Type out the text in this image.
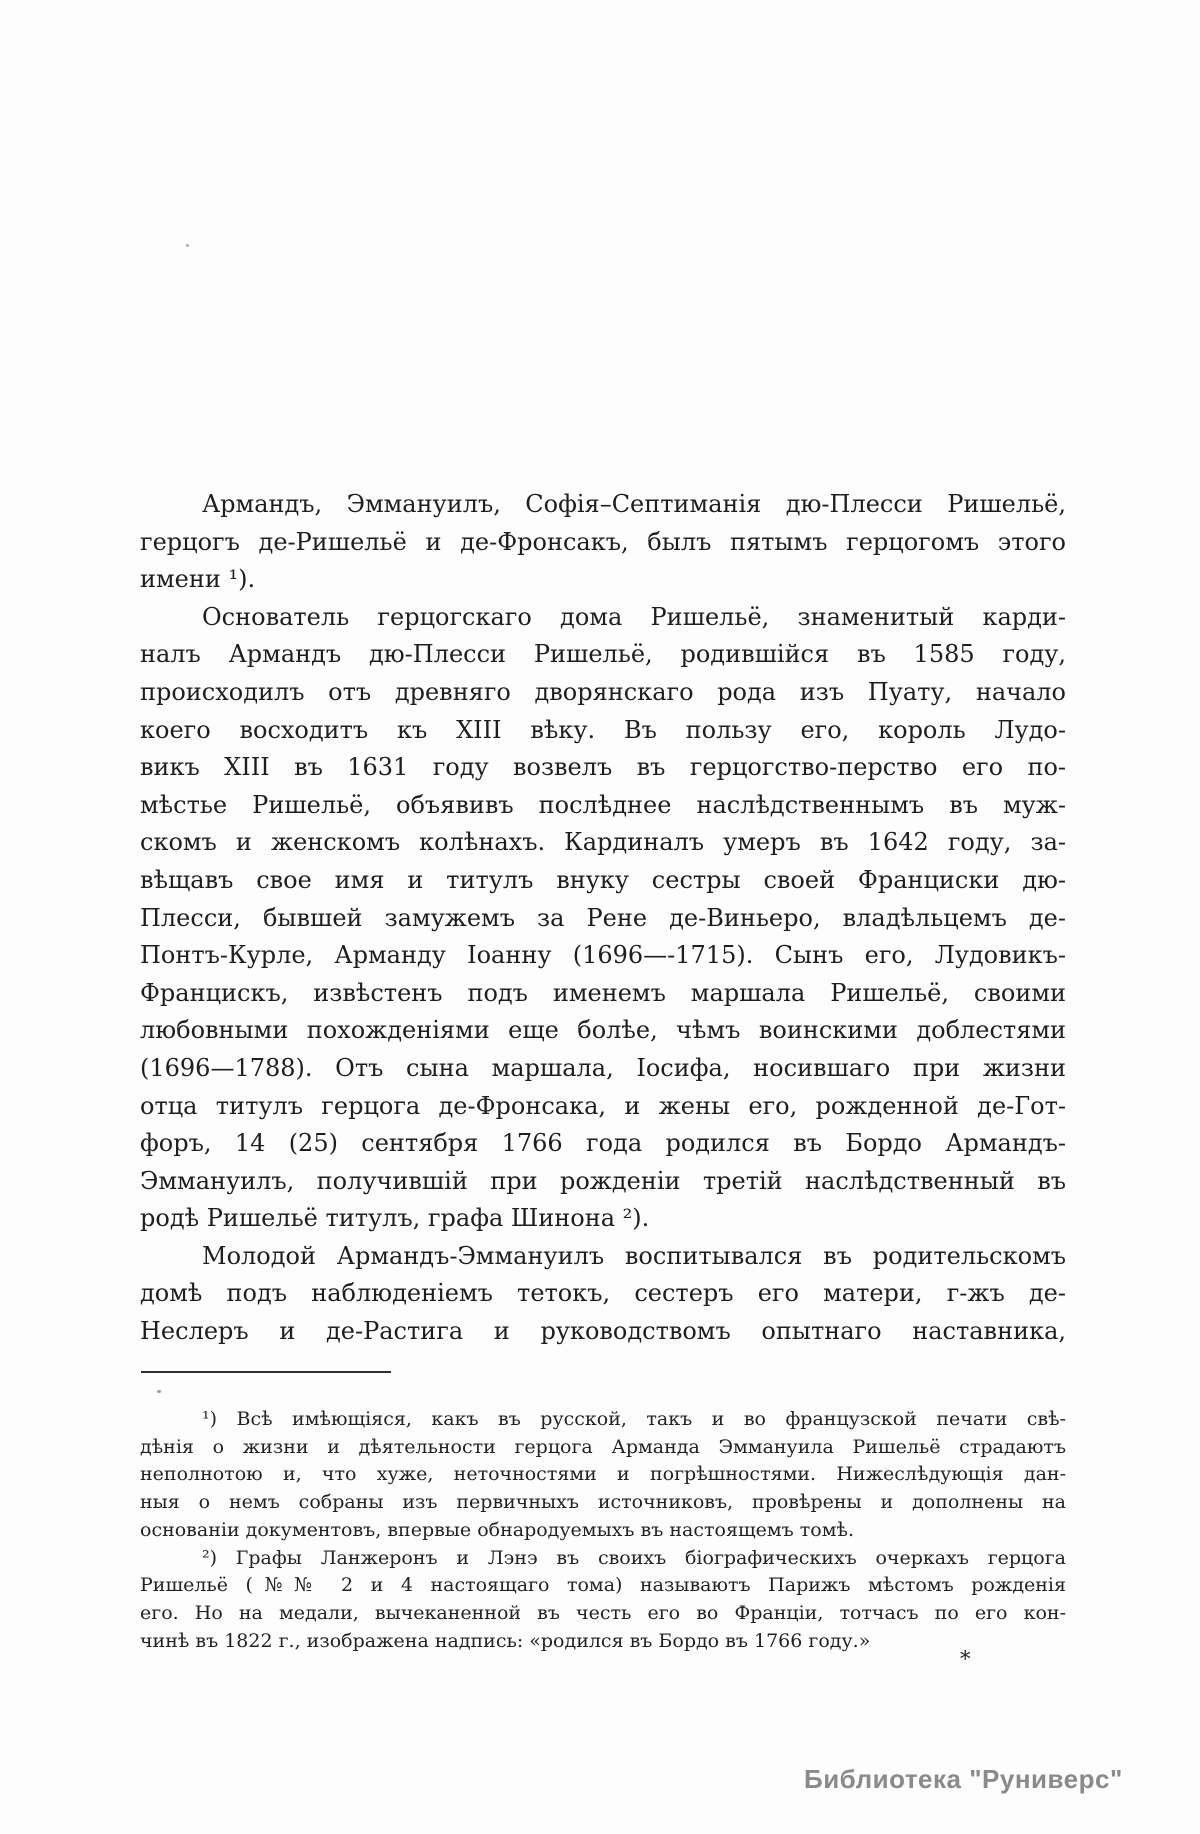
Армандъ, Эммануилъ, Софія–Септиманія дю-Плесси Ришельё,
герцогъ де-Ришельё и де-Фронсакъ, былъ пятымъ герцогомъ этого
имени ¹).
Основатель герцогскаго дома Ришельё, знаменитый карди-
налъ Армандъ дю-Плесси Ришельё, родившійся въ 1585 году,
происходилъ отъ древняго дворянскаго рода изъ Пуату, начало
коего восходитъ къ XIII вѣку. Въ пользу его, король Лудо-
викъ XIII въ 1631 году возвелъ въ герцогство-перство его по-
мѣстье Ришельё, объявивъ послѣднее наслѣдственнымъ въ муж-
скомъ и женскомъ колѣнахъ. Кардиналъ умеръ въ 1642 году, за-
вѣщавъ свое имя и титулъ внуку сестры своей Франциски дю-
Плесси, бывшей замужемъ за Рене де-Виньеро, владѣльцемъ де-
Понтъ-Курле, Арманду Іоанну (1696—-1715). Сынъ его, Лудовикъ-
Францискъ, извѣстенъ подъ именемъ маршала Ришельё, своими
любовными похожденіями еще болѣе, чѣмъ воинскими доблестями
(1696—1788). Отъ сына маршала, Іосифа, носившаго при жизни
отца титулъ герцога де-Фронсака, и жены его, рожденной де-Гот-
форъ, 14 (25) сентября 1766 года родился въ Бордо Армандъ-
Эммануилъ, получившій при рожденіи третій наслѣдственный въ
родѣ Ришельё титулъ, графа Шинона ²).
Молодой Армандъ-Эммануилъ воспитывался въ родительскомъ
домѣ подъ наблюденіемъ тетокъ, сестеръ его матери, г-жъ де-
Неслеръ и де-Растига и руководствомъ опытнаго наставника,
¹) Всѣ имѣющіяся, какъ въ русской, такъ и во французской печати свѣ-
дѣнія о жизни и дѣятельности герцога Арманда Эммануила Ришельё страдаютъ
неполнотою и, что хуже, неточностями и погрѣшностями. Нижеслѣдующія дан-
ныя о немъ собраны изъ первичныхъ источниковъ, провѣрены и дополнены на
основаніи документовъ, впервые обнародуемыхъ въ настоящемъ томѣ.
²) Графы Ланжеронъ и Лэнэ въ своихъ біографическихъ очеркахъ герцога
Ришельё (№№ 2 и 4 настоящаго тома) называютъ Парижъ мѣстомъ рожденія
его. Но на медали, вычеканенной въ честь его во Франціи, тотчасъ по его кон-
чинѣ въ 1822 г., изображена надпись: «родился въ Бордо въ 1766 году.»
*
Библиотека "Руниверс"
